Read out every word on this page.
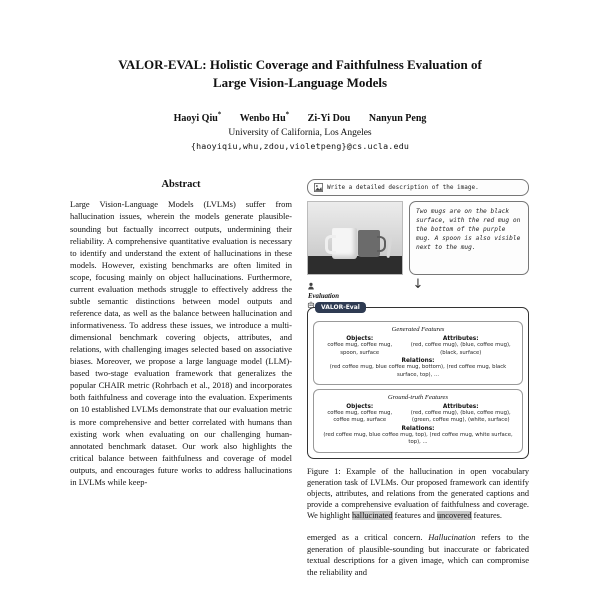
VALOR-EVAL: Holistic Coverage and Faithfulness Evaluation of
Large Vision-Language Models
Haoyi Qiu* Wenbo Hu* Zi-Yi Dou Nanyun Peng
University of California, Los Angeles
{haoyiqiu,whu,zdou,violetpeng}@cs.ucla.edu
Abstract
Large Vision-Language Models (LVLMs) suffer from hallucination issues, wherein the models generate plausible-sounding but factually incorrect outputs, undermining their reliability. A comprehensive quantitative evaluation is necessary to identify and understand the extent of hallucinations in these models. However, existing benchmarks are often limited in scope, focusing mainly on object hallucinations. Furthermore, current evaluation methods struggle to effectively address the subtle semantic distinctions between model outputs and reference data, as well as the balance between hallucination and informativeness. To address these issues, we introduce a multi-dimensional benchmark covering objects, attributes, and relations, with challenging images selected based on associative biases. Moreover, we propose a large language model (LLM)-based two-stage evaluation framework that generalizes the popular CHAIR metric (Rohrbach et al., 2018) and incorporates both faithfulness and coverage into the evaluation. Experiments on 10 established LVLMs demonstrate that our evaluation metric is more comprehensive and better correlated with humans than existing work when evaluating on our challenging human-annotated benchmark dataset. Our work also highlights the critical balance between faithfulness and coverage of model outputs, and encourages future works to address hallucinations in LVLMs while keep-
Write a detailed description of the image.
Two mugs are on the black surface, with the red mug on the bottom of the purple mug. A spoon is also visible next to the mug.
Evaluation
↓
VALOR-Eval
Generated Features
Objects:
coffee mug, coffee mug, spoon, surface
Attributes:
(red, coffee mug), (blue, coffee mug), (black, surface)
Relations:
(red coffee mug, blue coffee mug, bottom), (red coffee mug, black surface, top), ...
Ground-truth Features
Objects:
coffee mug, coffee mug, coffee mug, surface
Attributes:
(red, coffee mug), (blue, coffee mug), (green, coffee mug), (white, surface)
Relations:
(red coffee mug, blue coffee mug, top), (red coffee mug, white surface, top), ...
Figure 1: Example of the hallucination in open vocabulary generation task of LVLMs. Our proposed framework can identify objects, attributes, and relations from the generated captions and provide a comprehensive evaluation of faithfulness and coverage. We highlight hallucinated features and uncovered features.
emerged as a critical concern. Hallucination refers to the generation of plausible-sounding but inaccurate or fabricated textual descriptions for a given image, which can compromise the reliability and
